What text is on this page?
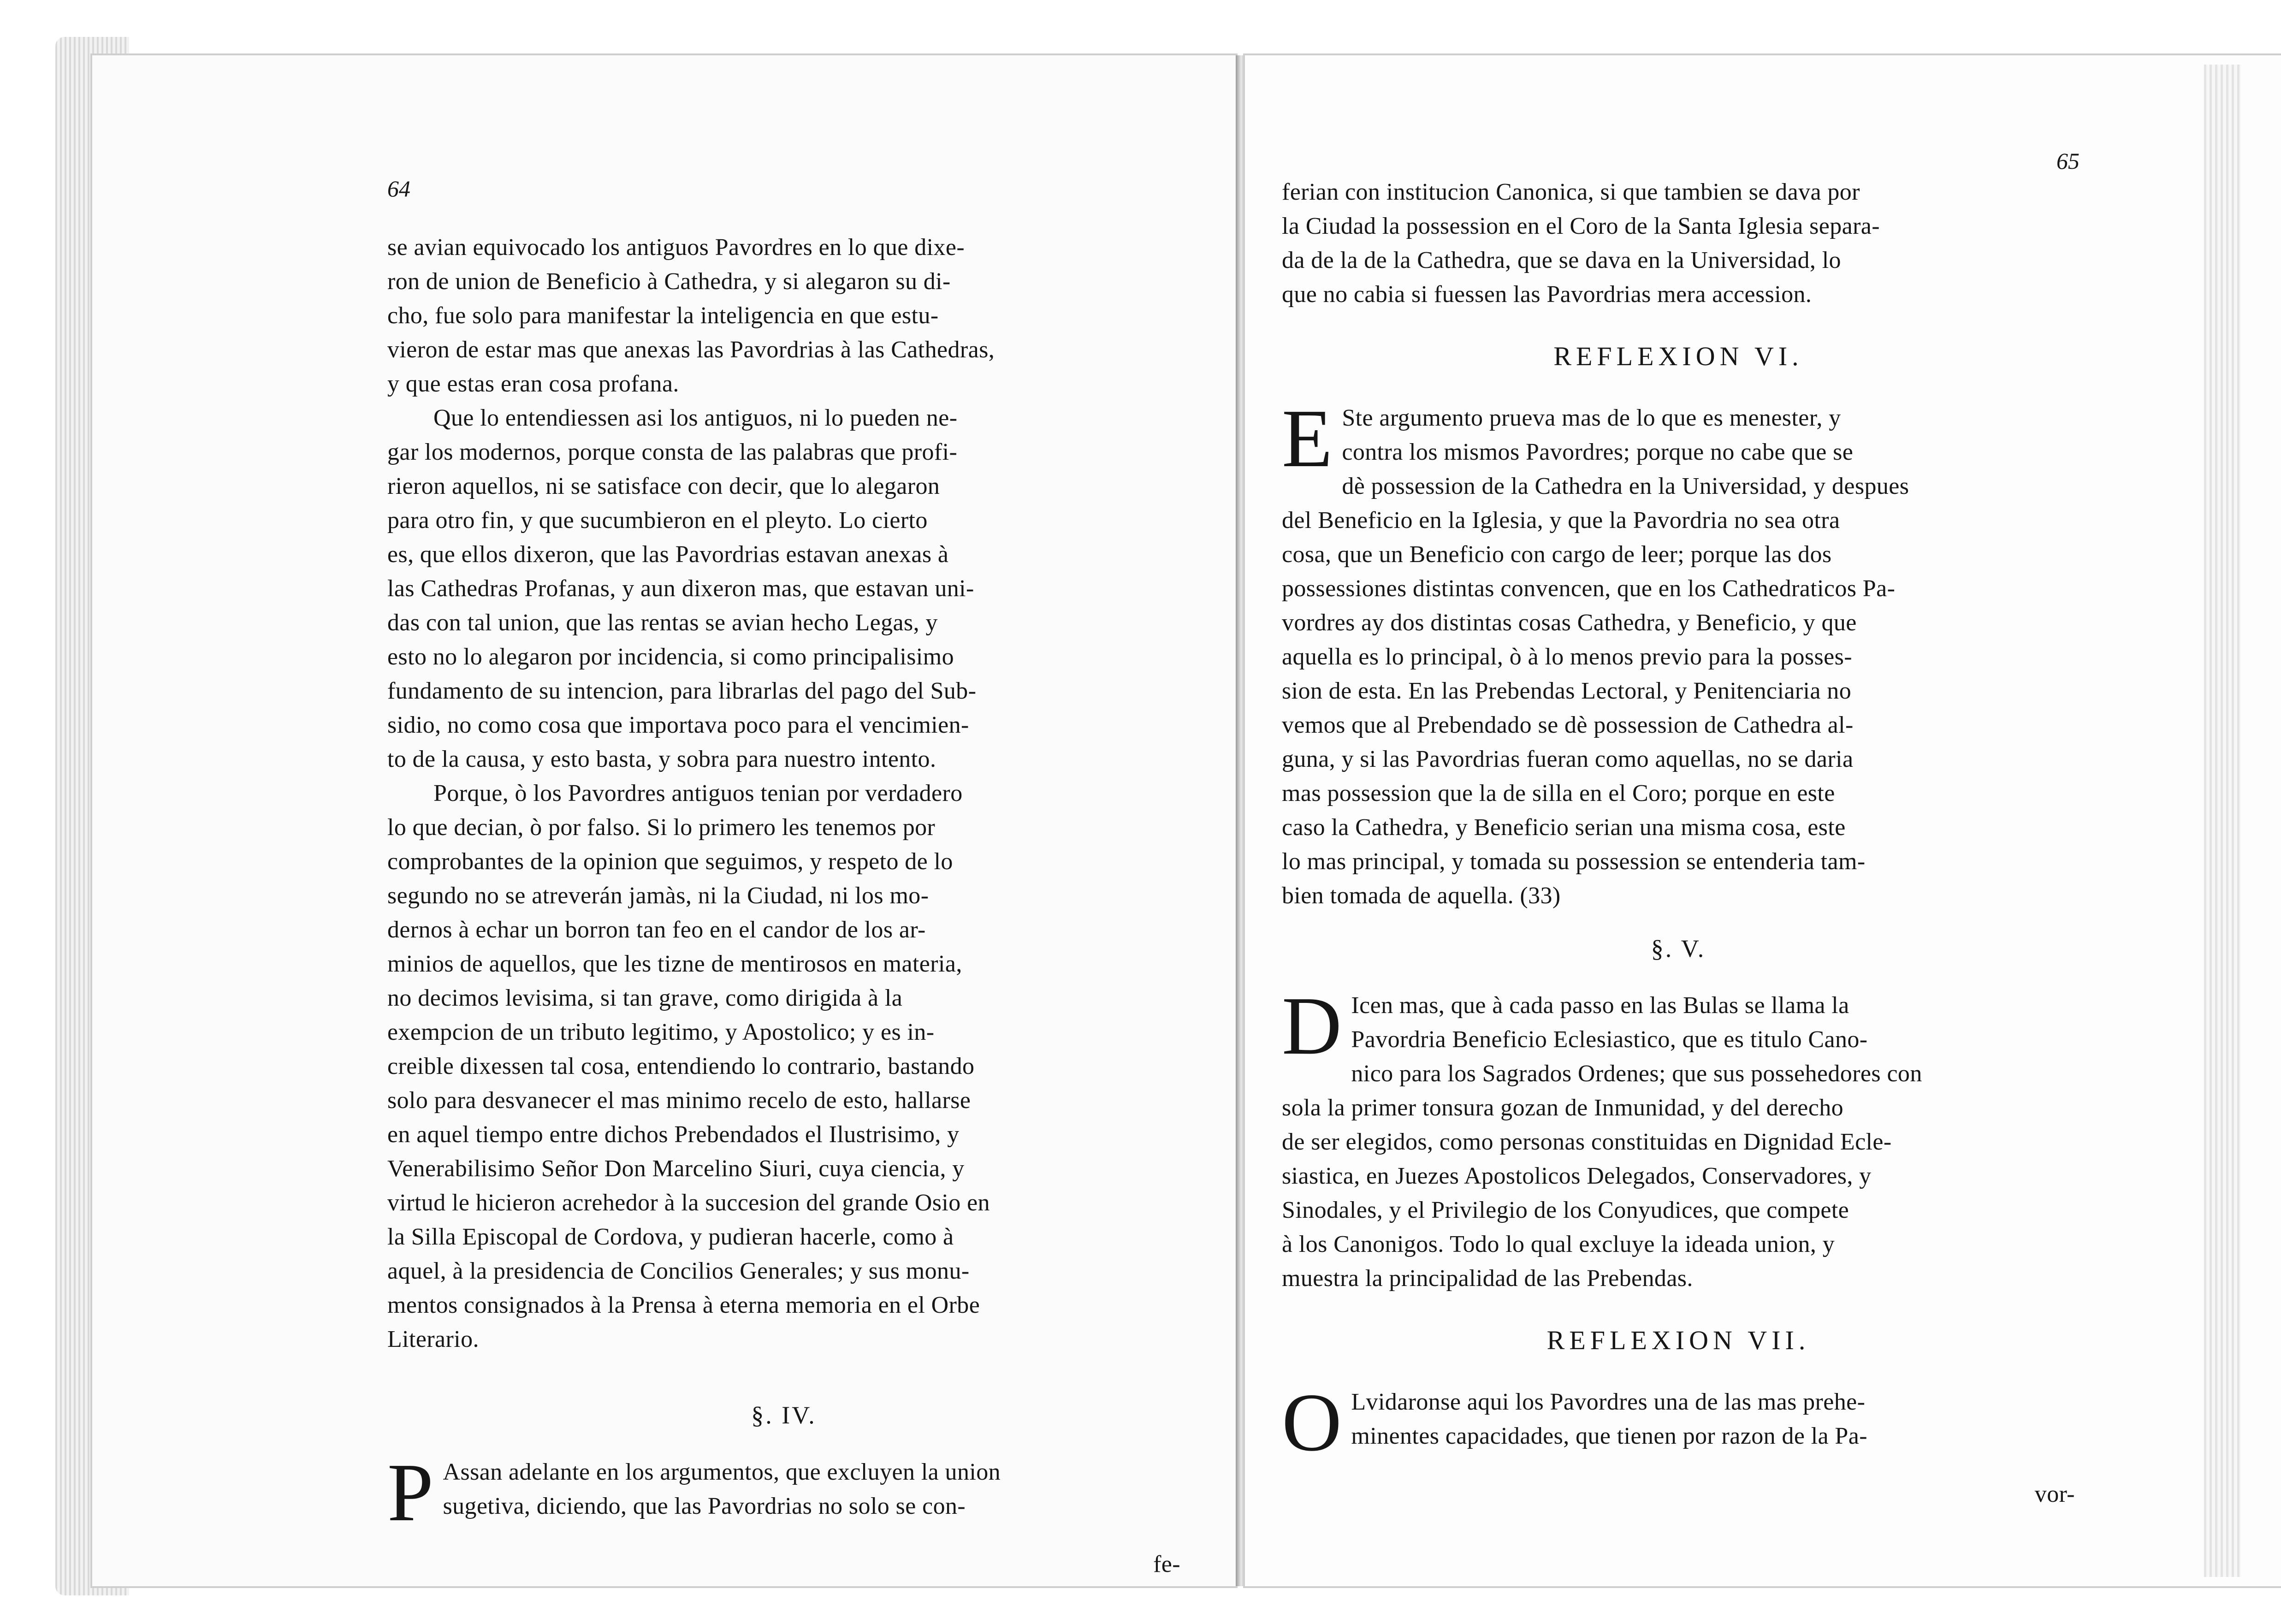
64

se avian equivocado los antiguos Pavordres en lo que dixe-

ron de union de Beneficio à Cathedra, y si alegaron su di-

cho, fue solo para manifestar la inteligencia en que estu-

vieron de estar mas que anexas las Pavordrias à las Cathedras,

y que estas eran cosa profana.

Que lo entendiessen asi los antiguos, ni lo pueden ne-

gar los modernos, porque consta de las palabras que profi-

rieron aquellos, ni se satisface con decir, que lo alegaron

para otro fin, y que sucumbieron en el pleyto. Lo cierto

es, que ellos dixeron, que las Pavordrias estavan anexas à

las Cathedras Profanas, y aun dixeron mas, que estavan uni-

das con tal union, que las rentas se avian hecho Legas, y

esto no lo alegaron por incidencia, si como principalisimo

fundamento de su intencion, para librarlas del pago del Sub-

sidio, no como cosa que importava poco para el vencimien-

to de la causa, y esto basta, y sobra para nuestro intento.

Porque, ò los Pavordres antiguos tenian por verdadero

lo que decian, ò por falso. Si lo primero les tenemos por

comprobantes de la opinion que seguimos, y respeto de lo

segundo no se atreverán jamàs, ni la Ciudad, ni los mo-

dernos à echar un borron tan feo en el candor de los ar-

minios de aquellos, que les tizne de mentirosos en materia,

no decimos levisima, si tan grave, como dirigida à la

exempcion de un tributo legitimo, y Apostolico; y es in-

creible dixessen tal cosa, entendiendo lo contrario, bastando

solo para desvanecer el mas minimo recelo de esto, hallarse

en aquel tiempo entre dichos Prebendados el Ilustrisimo, y

Venerabilisimo Señor Don Marcelino Siuri, cuya ciencia, y

virtud le hicieron acrehedor à la succesion del grande Osio en

la Silla Episcopal de Cordova, y pudieran hacerle, como à

aquel, à la presidencia de Concilios Generales; y sus monu-

mentos consignados à la Prensa à eterna memoria en el Orbe

Literario.

§. IV.

P Assan adelante en los argumentos, que excluyen la union

sugetiva, diciendo, que las Pavordrias no solo se con-

fe-

65

ferian con institucion Canonica, si que tambien se dava por

la Ciudad la possession en el Coro de la Santa Iglesia separa-

da de la de la Cathedra, que se dava en la Universidad, lo

que no cabia si fuessen las Pavordrias mera accession.

REFLEXION VI.

E Ste argumento prueva mas de lo que es menester, y

contra los mismos Pavordres; porque no cabe que se

dè possession de la Cathedra en la Universidad, y despues

del Beneficio en la Iglesia, y que la Pavordria no sea otra

cosa, que un Beneficio con cargo de leer; porque las dos

possessiones distintas convencen, que en los Cathedraticos Pa-

vordres ay dos distintas cosas Cathedra, y Beneficio, y que

aquella es lo principal, ò à lo menos previo para la posses-

sion de esta. En las Prebendas Lectoral, y Penitenciaria no

vemos que al Prebendado se dè possession de Cathedra al-

guna, y si las Pavordrias fueran como aquellas, no se daria

mas possession que la de silla en el Coro; porque en este

caso la Cathedra, y Beneficio serian una misma cosa, este

lo mas principal, y tomada su possession se entenderia tam-

bien tomada de aquella. (33)

§. V.

D Icen mas, que à cada passo en las Bulas se llama la

Pavordria Beneficio Eclesiastico, que es titulo Cano-

nico para los Sagrados Ordenes; que sus possehedores con

sola la primer tonsura gozan de Inmunidad, y del derecho

de ser elegidos, como personas constituidas en Dignidad Ecle-

siastica, en Juezes Apostolicos Delegados, Conservadores, y

Sinodales, y el Privilegio de los Conyudices, que compete

à los Canonigos. Todo lo qual excluye la ideada union, y

muestra la principalidad de las Prebendas.

REFLEXION VII.

O Lvidaronse aqui los Pavordres una de las mas prehe-

minentes capacidades, que tienen por razon de la Pa-

vor-
